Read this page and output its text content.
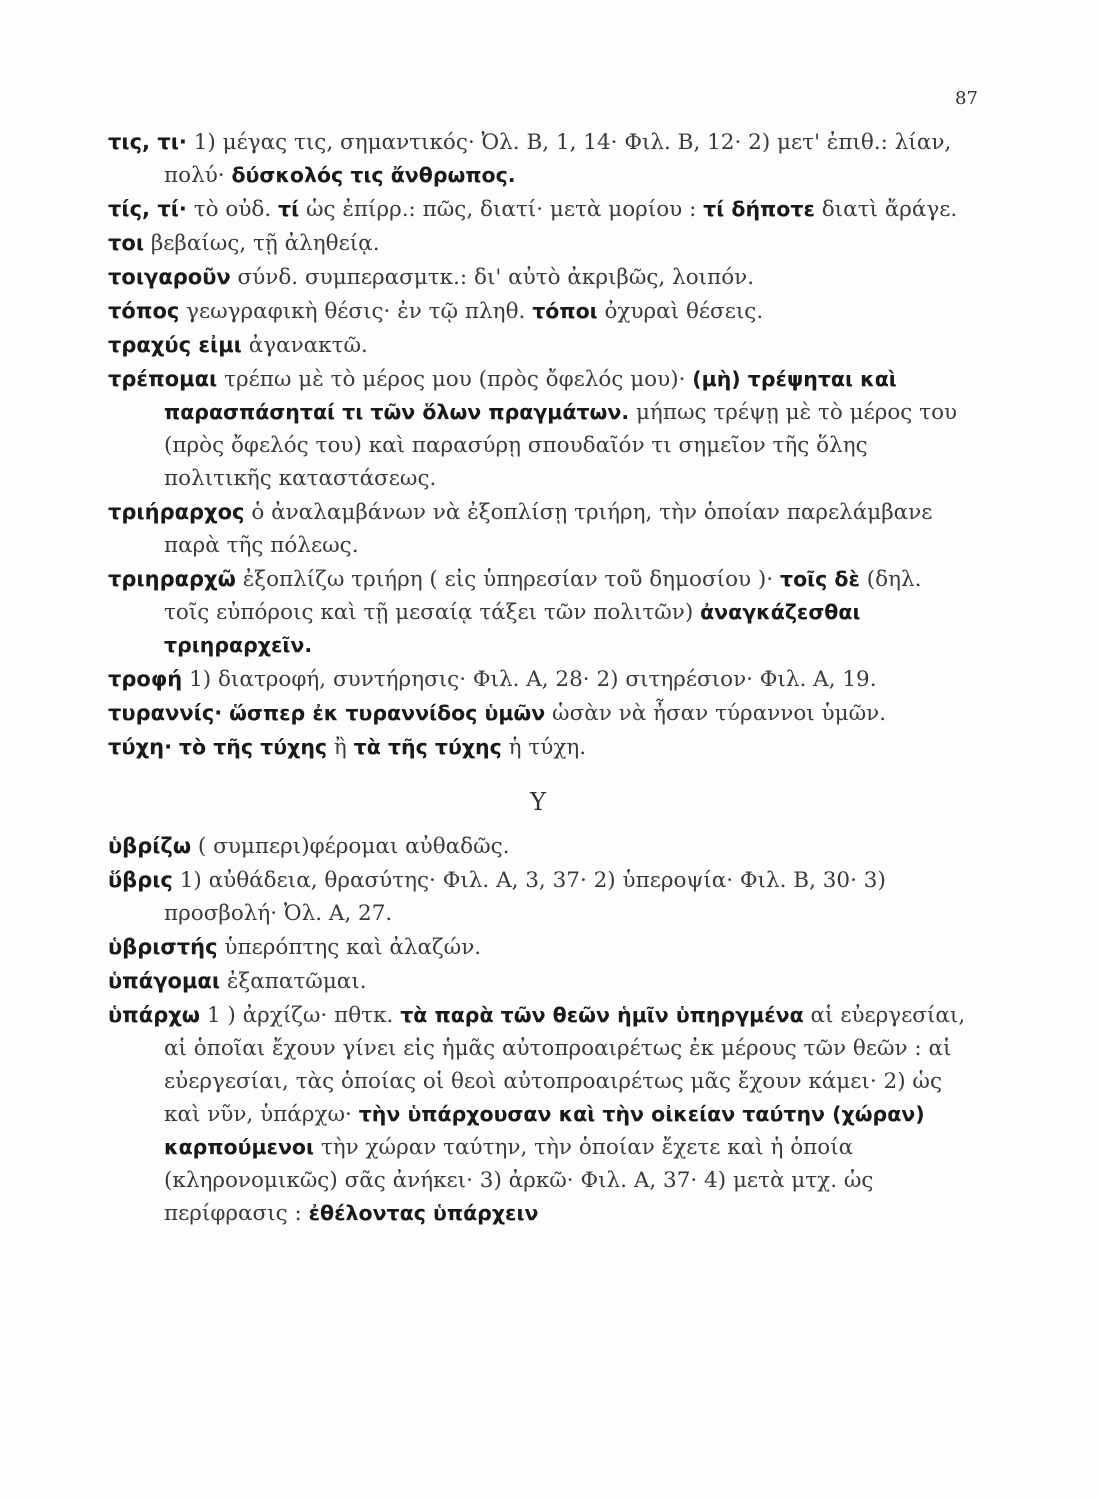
87
τις, τι· 1) μέγας τις, σημαντικός· Ὀλ. Β, 1, 14· Φιλ. Β, 12· 2) μετ' ἐπιθ.: λίαν, πολύ· δύσκολός τις ἄνθρωπος.
τίς, τί· τὸ οὐδ. τί ὡς ἐπίρρ.: πῶς, διατί· μετὰ μορίου : τί δήποτε διατὶ ἄράγε.
τοι βεβαίως, τῇ ἀληθείᾳ.
τοιγαροῦν σύνδ. συμπερασμτκ.: δι' αὐτὸ ἀκριβῶς, λοιπόν.
τόπος γεωγραφικὴ θέσις· ἐν τῷ πληθ. τόποι ὀχυραὶ θέσεις.
τραχύς εἰμι ἀγανακτῶ.
τρέπομαι τρέπω μὲ τὸ μέρος μου (πρὸς ὄφελός μου)· (μὴ) τρέψηται καὶ παρασπάσηταί τι τῶν ὅλων πραγμάτων. μήπως τρέψῃ μὲ τὸ μέρος του (πρὸς ὄφελός του) καὶ παρασύρῃ σπουδαῖόν τι σημεῖον τῆς ὅλης πολιτικῆς καταστάσεως.
τριήραρχος ὁ ἀναλαμβάνων νὰ ἐξοπλίσῃ τριήρη, τὴν ὁποίαν παρελάμβανε παρὰ τῆς πόλεως.
τριηραρχῶ ἐξοπλίζω τριήρη ( εἰς ὑπηρεσίαν τοῦ δημοσίου )· τοῖς δὲ (δηλ. τοῖς εὐπόροις καὶ τῇ μεσαίᾳ τάξει τῶν πολιτῶν) ἀναγκάζεσθαι τριηραρχεῖν.
τροφή 1) διατροφή, συντήρησις· Φιλ. Α, 28· 2) σιτηρέσιον· Φιλ. Α, 19.
τυραννίς· ὥσπερ ἐκ τυραννίδος ὑμῶν ὡσὰν νὰ ἦσαν τύραννοι ὑμῶν.
τύχη· τὸ τῆς τύχης ἢ τὰ τῆς τύχης ἡ τύχη.
Υ
ὑβρίζω ( συμπερι)φέρομαι αὐθαδῶς.
ὕβρις 1) αὐθάδεια, θρασύτης· Φιλ. Α, 3, 37· 2) ὑπεροψία· Φιλ. Β, 30· 3) προσβολή· Ὀλ. Α, 27.
ὑβριστής ὑπερόπτης καὶ ἀλαζών.
ὑπάγομαι ἐξαπατῶμαι.
ὑπάρχω 1 ) ἀρχίζω· πθτκ. τὰ παρὰ τῶν θεῶν ἡμῖν ὑπηργμένα αἱ εὐεργεσίαι, αἱ ὁποῖαι ἔχουν γίνει εἰς ἡμᾶς αὐτοπροαιρέτως ἐκ μέρους τῶν θεῶν : αἱ εὐεργεσίαι, τὰς ὁποίας οἱ θεοὶ αὐτοπροαιρέτως μᾶς ἔχουν κάμει· 2) ὡς καὶ νῦν, ὑπάρχω· τὴν ὑπάρχουσαν καὶ τὴν οἰκείαν ταύτην (χώραν) καρπούμενοι τὴν χώραν ταύτην, τὴν ὁποίαν ἔχετε καὶ ἡ ὁποία (κληρονομικῶς) σᾶς ἀνήκει· 3) ἀρκῶ· Φιλ. Α, 37· 4) μετὰ μτχ. ὡς περίφρασις : ἐθέλοντας ὑπάρχειν
